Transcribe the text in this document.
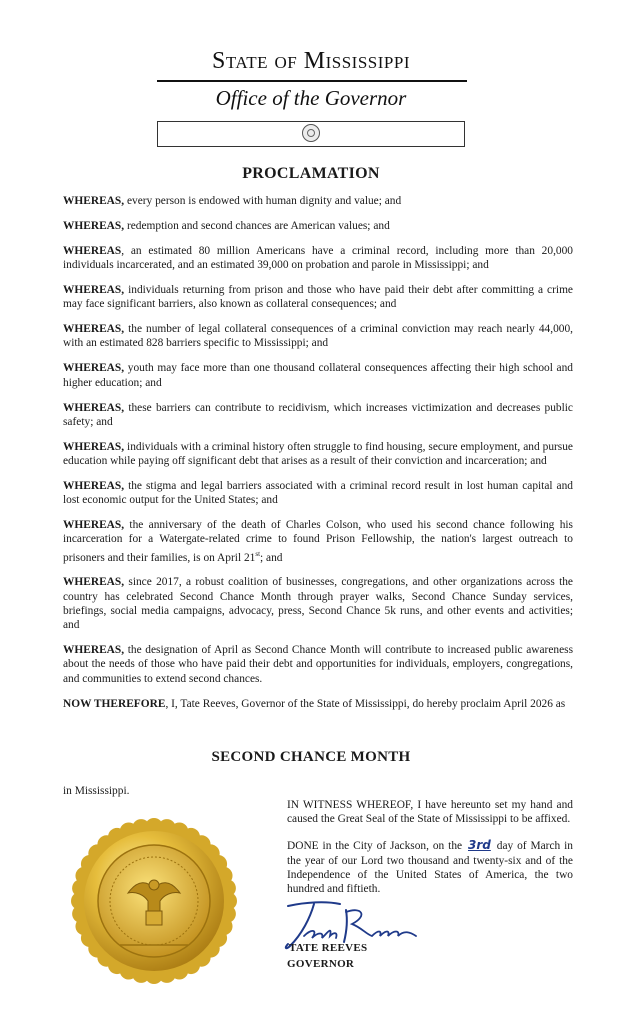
State of Mississippi
Office of the Governor
PROCLAMATION

WHEREAS, every person is endowed with human dignity and value; and

WHEREAS, redemption and second chances are American values; and

WHEREAS, an estimated 80 million Americans have a criminal record, including more than 20,000 individuals incarcerated, and an estimated 39,000 on probation and parole in Mississippi; and

WHEREAS, individuals returning from prison and those who have paid their debt after committing a crime may face significant barriers, also known as collateral consequences; and

WHEREAS, the number of legal collateral consequences of a criminal conviction may reach nearly 44,000, with an estimated 828 barriers specific to Mississippi; and

WHEREAS, youth may face more than one thousand collateral consequences affecting their high school and higher education; and

WHEREAS, these barriers can contribute to recidivism, which increases victimization and decreases public safety; and

WHEREAS, individuals with a criminal history often struggle to find housing, secure employment, and pursue education while paying off significant debt that arises as a result of their conviction and incarceration; and

WHEREAS, the stigma and legal barriers associated with a criminal record result in lost human capital and lost economic output for the United States; and

WHEREAS, the anniversary of the death of Charles Colson, who used his second chance following his incarceration for a Watergate-related crime to found Prison Fellowship, the nation's largest outreach to prisoners and their families, is on April 21st; and

WHEREAS, since 2017, a robust coalition of businesses, congregations, and other organizations across the country has celebrated Second Chance Month through prayer walks, Second Chance Sunday services, briefings, social media campaigns, advocacy, press, Second Chance 5k runs, and other events and activities; and

WHEREAS, the designation of April as Second Chance Month will contribute to increased public awareness about the needs of those who have paid their debt and opportunities for individuals, employers, congregations, and communities to extend second chances.

NOW THEREFORE, I, Tate Reeves, Governor of the State of Mississippi, do hereby proclaim April 2026 as

SECOND CHANCE MONTH
in Mississippi.

IN WITNESS WHEREOF, I have hereunto set my hand and caused the Great Seal of the State of Mississippi to be affixed.

DONE in the City of Jackson, on the 3rd day of March in the year of our Lord two thousand and twenty-six and of the Independence of the United States of America, the two hundred and fiftieth.

TATE REEVES
GOVERNOR
